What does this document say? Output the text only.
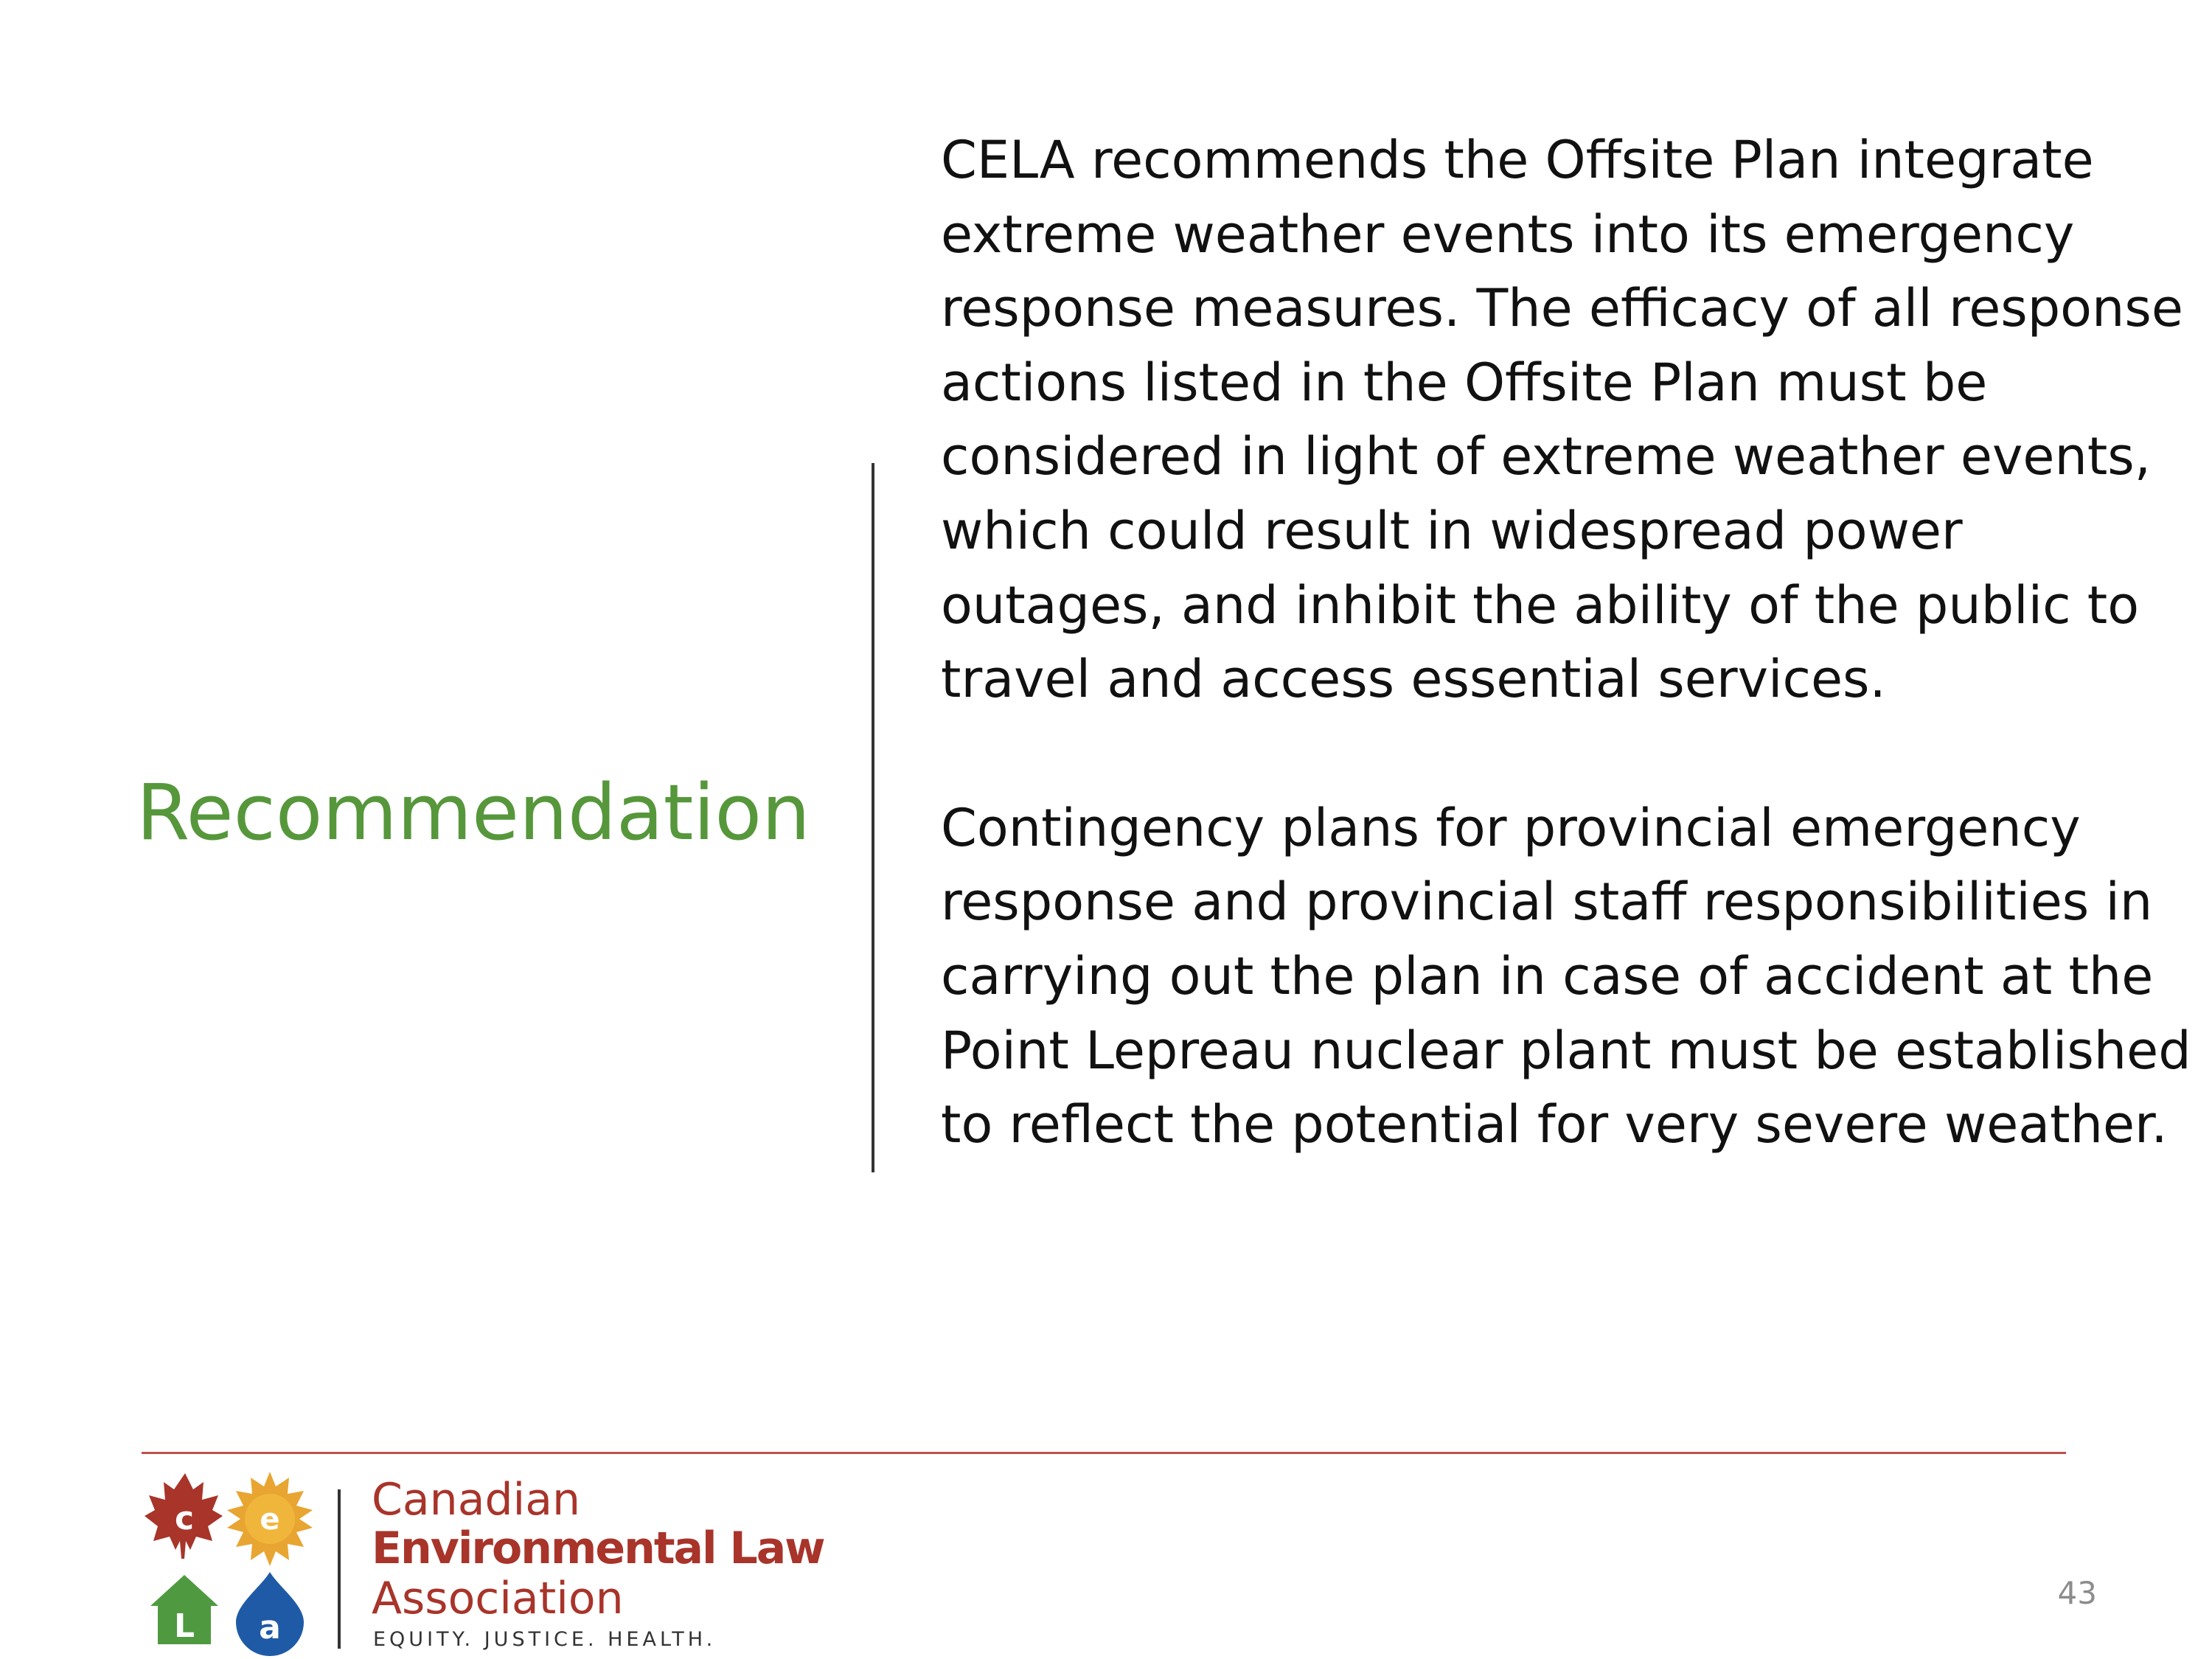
Recommendation

CELA recommends the Offsite Plan integrate extreme weather events into its emergency response measures. The efficacy of all response actions listed in the Offsite Plan must be considered in light of extreme weather events, which could result in widespread power outages, and inhibit the ability of the public to travel and access essential services.

Contingency plans for provincial emergency response and provincial staff responsibilities in carrying out the plan in case of accident at the Point Lepreau nuclear plant must be established to reflect the potential for very severe weather.

c e
L a

Canadian

Environmental Law

Association

EQUITY. JUSTICE. HEALTH.

43
